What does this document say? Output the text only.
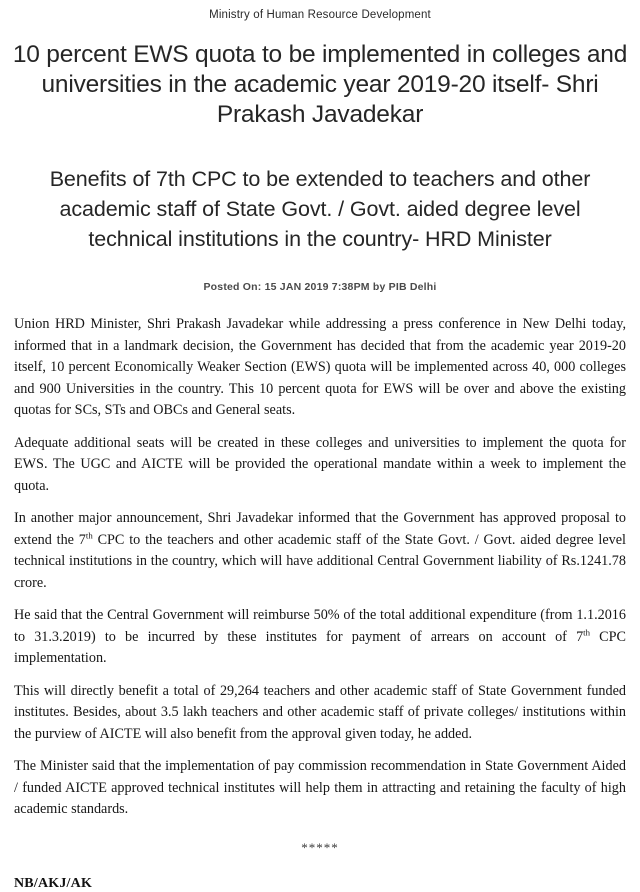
Ministry of Human Resource Development
10 percent EWS quota to be implemented in colleges and universities in the academic year 2019-20 itself- Shri Prakash Javadekar
Benefits of 7th CPC to be extended to teachers and other academic staff of State Govt. / Govt. aided degree level technical institutions in the country- HRD Minister
Posted On: 15 JAN 2019 7:38PM by PIB Delhi

Union HRD Minister, Shri Prakash Javadekar while addressing a press conference in New Delhi today, informed that in a landmark decision, the Government has decided that from the academic year 2019-20 itself, 10 percent Economically Weaker Section (EWS) quota will be implemented across 40, 000 colleges and 900 Universities in the country. This 10 percent quota for EWS will be over and above the existing quotas for SCs, STs and OBCs and General seats.

Adequate additional seats will be created in these colleges and universities to implement the quota for EWS. The UGC and AICTE will be provided the operational mandate within a week to implement the quota.

In another major announcement, Shri Javadekar informed that the Government has approved proposal to extend the 7th CPC to the teachers and other academic staff of the State Govt. / Govt. aided degree level technical institutions in the country, which will have additional Central Government liability of Rs.1241.78 crore.

He said that the Central Government will reimburse 50% of the total additional expenditure (from 1.1.2016 to 31.3.2019) to be incurred by these institutes for payment of arrears on account of 7th CPC implementation.

This will directly benefit a total of 29,264 teachers and other academic staff of State Government funded institutes. Besides, about 3.5 lakh teachers and other academic staff of private colleges/ institutions within the purview of AICTE will also benefit from the approval given today, he added.

The Minister said that the implementation of pay commission recommendation in State Government Aided / funded AICTE approved technical institutes will help them in attracting and retaining the faculty of high academic standards.

*****
NB/AKJ/AK
